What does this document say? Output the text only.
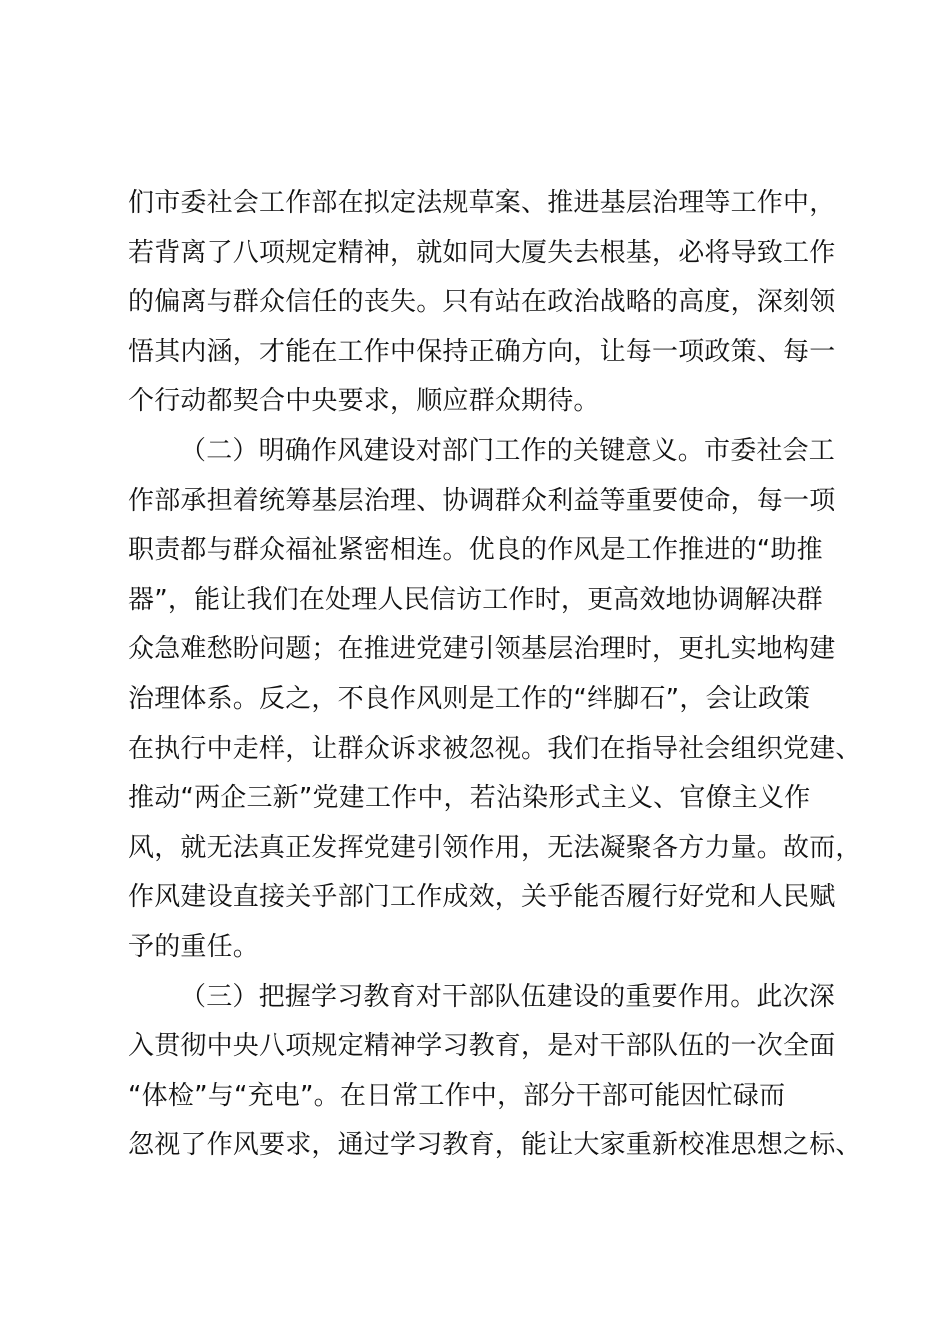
们市委社会工作部在拟定法规草案、推进基层治理等工作中，
若背离了八项规定精神，就如同大厦失去根基，必将导致工作
的偏离与群众信任的丧失。只有站在政治战略的高度，深刻领
悟其内涵，才能在工作中保持正确方向，让每一项政策、每一
个行动都契合中央要求，顺应群众期待。
（二）明确作风建设对部门工作的关键意义。市委社会工
作部承担着统筹基层治理、协调群众利益等重要使命，每一项
职责都与群众福祉紧密相连。优良的作风是工作推进的“助推
器”，能让我们在处理人民信访工作时，更高效地协调解决群
众急难愁盼问题；在推进党建引领基层治理时，更扎实地构建
治理体系。反之，不良作风则是工作的“绊脚石”，会让政策
在执行中走样，让群众诉求被忽视。我们在指导社会组织党建、
推动“两企三新”党建工作中，若沾染形式主义、官僚主义作
风，就无法真正发挥党建引领作用，无法凝聚各方力量。故而，
作风建设直接关乎部门工作成效，关乎能否履行好党和人民赋
予的重任。
（三）把握学习教育对干部队伍建设的重要作用。此次深
入贯彻中央八项规定精神学习教育，是对干部队伍的一次全面
“体检”与“充电”。在日常工作中，部分干部可能因忙碌而
忽视了作风要求，通过学习教育，能让大家重新校准思想之标、
